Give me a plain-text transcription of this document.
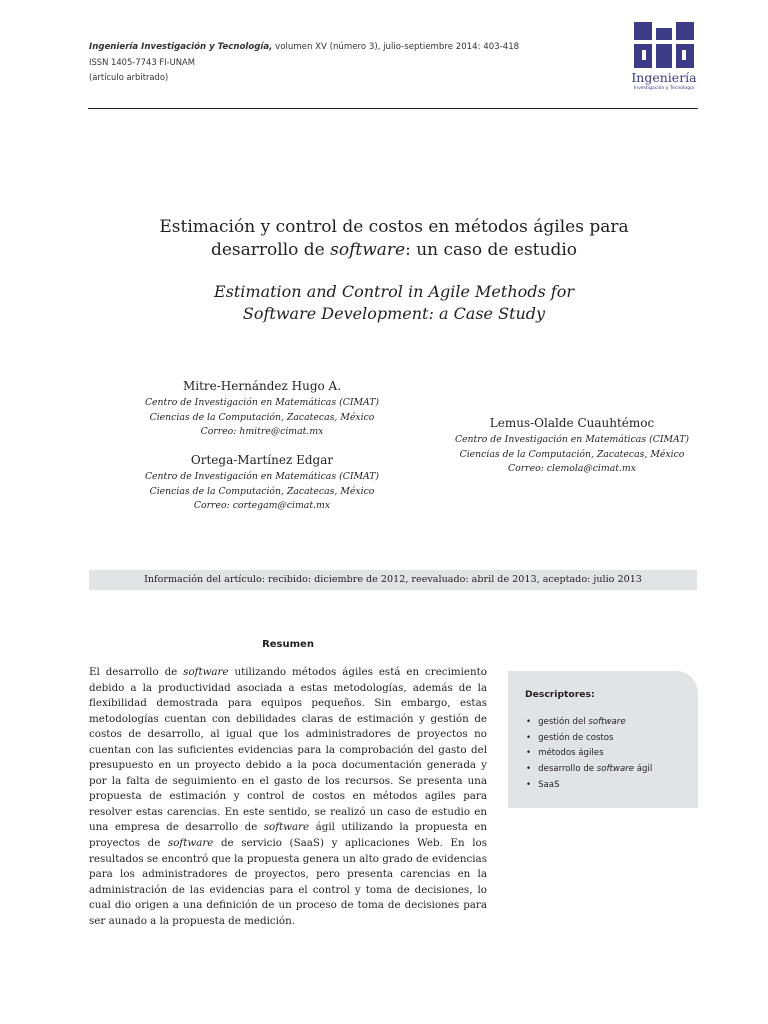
Ingeniería Investigación y Tecnología, volumen XV (número 3), julio-septiembre 2014: 403-418
ISSN 1405-7743 FI-UNAM
(artículo arbitrado)	Ingeniería
Investigación y Tecnología
Estimación y control de costos en métodos ágiles para
desarrollo de software: un caso de estudio
Estimation and Control in Agile Methods for
Software Development: a Case Study
Mitre-Hernández Hugo A.
Centro de Investigación en Matemáticas (CIMAT)
Ciencias de la Computación, Zacatecas, México
Correo: hmitre@cimat.mx
Ortega-Martínez Edgar
Centro de Investigación en Matemáticas (CIMAT)
Ciencias de la Computación, Zacatecas, México
Correo: cortegam@cimat.mx
Lemus-Olalde Cuauhtémoc
Centro de Investigación en Matemáticas (CIMAT)
Ciencias de la Computación, Zacatecas, México
Correo: clemola@cimat.mx
Información del artículo: recibido: diciembre de 2012, reevaluado: abril de 2013, aceptado: julio 2013
Resumen

El desarrollo de software utilizando métodos ágiles está en crecimiento debido a la productividad asociada a estas metodologías, además de la flexibilidad demostrada para equipos pequeños. Sin embargo, estas metodologías cuentan con debilidades claras de estimación y gestión de costos de desarrollo, al igual que los administradores de proyectos no cuentan con las suficientes evidencias para la comprobación del gasto del presupuesto en un proyecto debido a la poca documentación generada y por la falta de seguimiento en el gasto de los recursos. Se presenta una propuesta de estimación y control de costos en métodos agiles para resolver estas carencias. En este sentido, se realizó un caso de estudio en una empresa de desarrollo de software ágil utilizando la propuesta en proyectos de software de servicio (SaaS) y aplicaciones Web. En los resultados se encontró que la propuesta genera un alto grado de evidencias para los administradores de proyectos, pero presenta carencias en la administración de las evidencias para el control y toma de decisiones, lo cual dio origen a una definición de un proceso de toma de decisiones para ser aunado a la propuesta de medición.

Descriptores:
• gestión del software
• gestión de costos
• métodos ágiles
• desarrollo de software ágil
• SaaS
